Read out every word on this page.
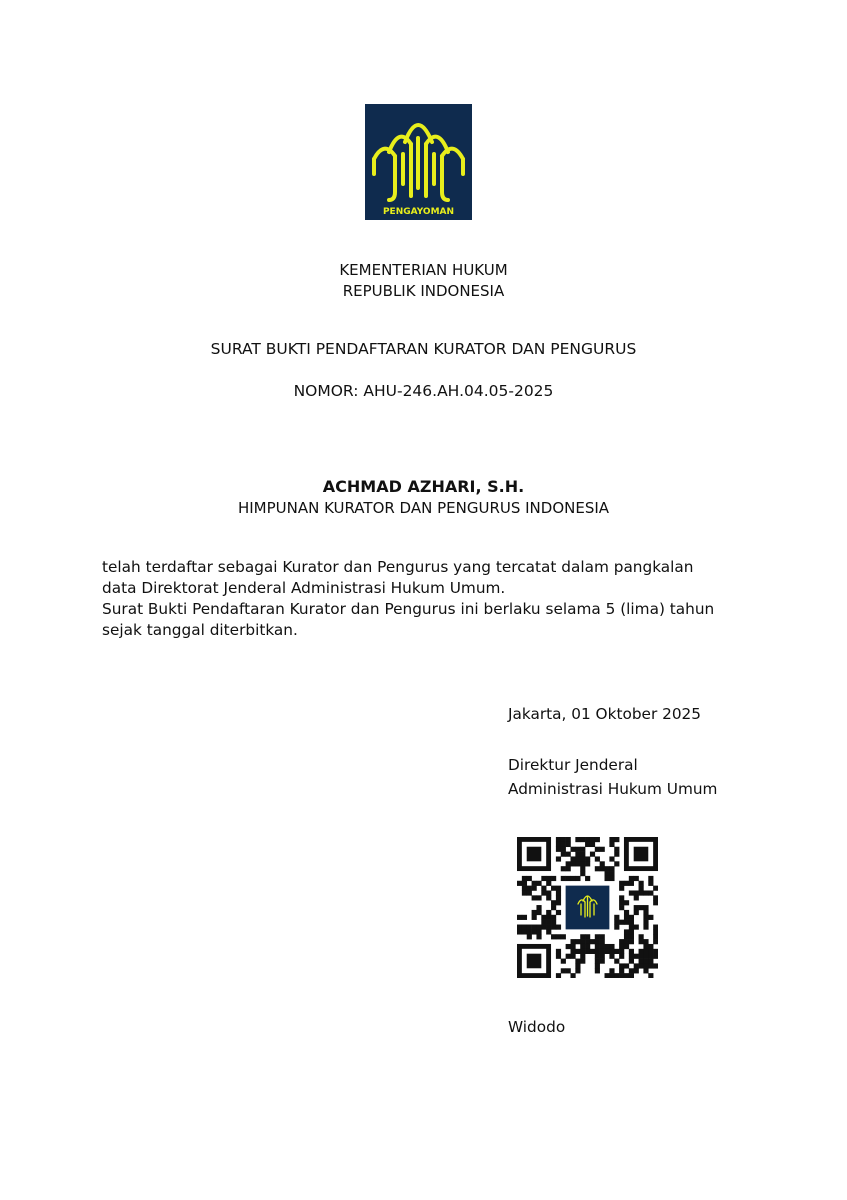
PENGAYOMAN
KEMENTERIAN HUKUM
REPUBLIK INDONESIA
SURAT BUKTI PENDAFTARAN KURATOR DAN PENGURUS
NOMOR: AHU-246.AH.04.05-2025
ACHMAD AZHARI, S.H.
HIMPUNAN KURATOR DAN PENGURUS INDONESIA
telah terdaftar sebagai Kurator dan Pengurus yang tercatat dalam pangkalan
data Direktorat Jenderal Administrasi Hukum Umum.
Surat Bukti Pendaftaran Kurator dan Pengurus ini berlaku selama 5 (lima) tahun
sejak tanggal diterbitkan.
Jakarta, 01 Oktober 2025
Direktur Jenderal
Administrasi Hukum Umum
Widodo
